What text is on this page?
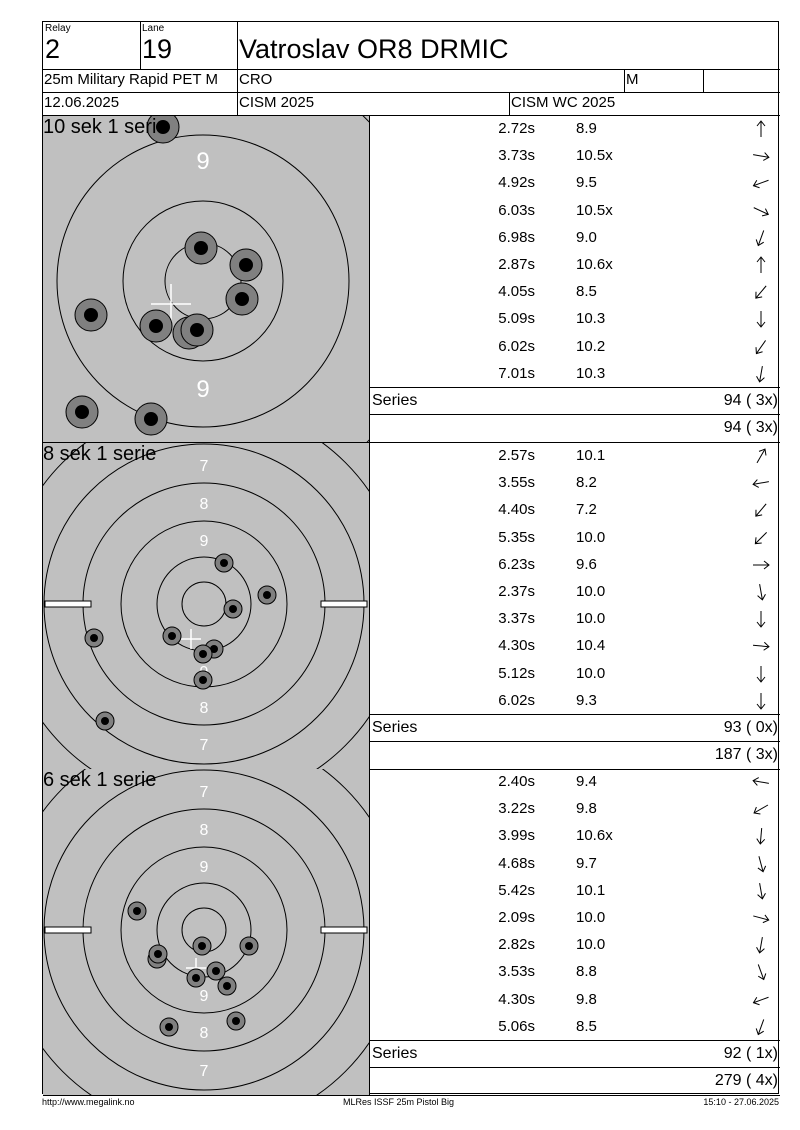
Relay
2
Lane
19 Vatroslav OR8 DRMIC
25m Military Rapid PET M CRO	M
12.06.2025	CISM 2025	CISM WC 2025
9
9
10 sek 1 serie	2.72s	8.9
3.73s	10.5x
4.92s	9.5
6.03s	10.5x
6.98s	9.0
2.87s	10.6x
4.05s	8.5
5.09s	10.3
6.02s	10.2
7.01s	10.3
Series	94 ( 3x)
94 ( 3x)
7
8
9
8
7
8 sek 1 serie	2.57s	10.1
3.55s	8.2
4.40s	7.2
5.35s	10.0
6.23s	9.6
2.37s	10.0
3.37s	10.0
4.30s	10.4
5.12s	10.0
6.02s	9.3
Series	93 ( 0x)
187 ( 3x)
7
8
9
9
8
7
6 sek 1 serie	2.40s	9.4
3.22s	9.8
3.99s	10.6x
4.68s	9.7
5.42s	10.1
2.09s	10.0
2.82s	10.0
3.53s	8.8
4.30s	9.8
5.06s	8.5
Series	92 ( 1x)
279 ( 4x)
http://www.megalink.no	MLRes ISSF 25m Pistol Big	15:10 - 27.06.2025
